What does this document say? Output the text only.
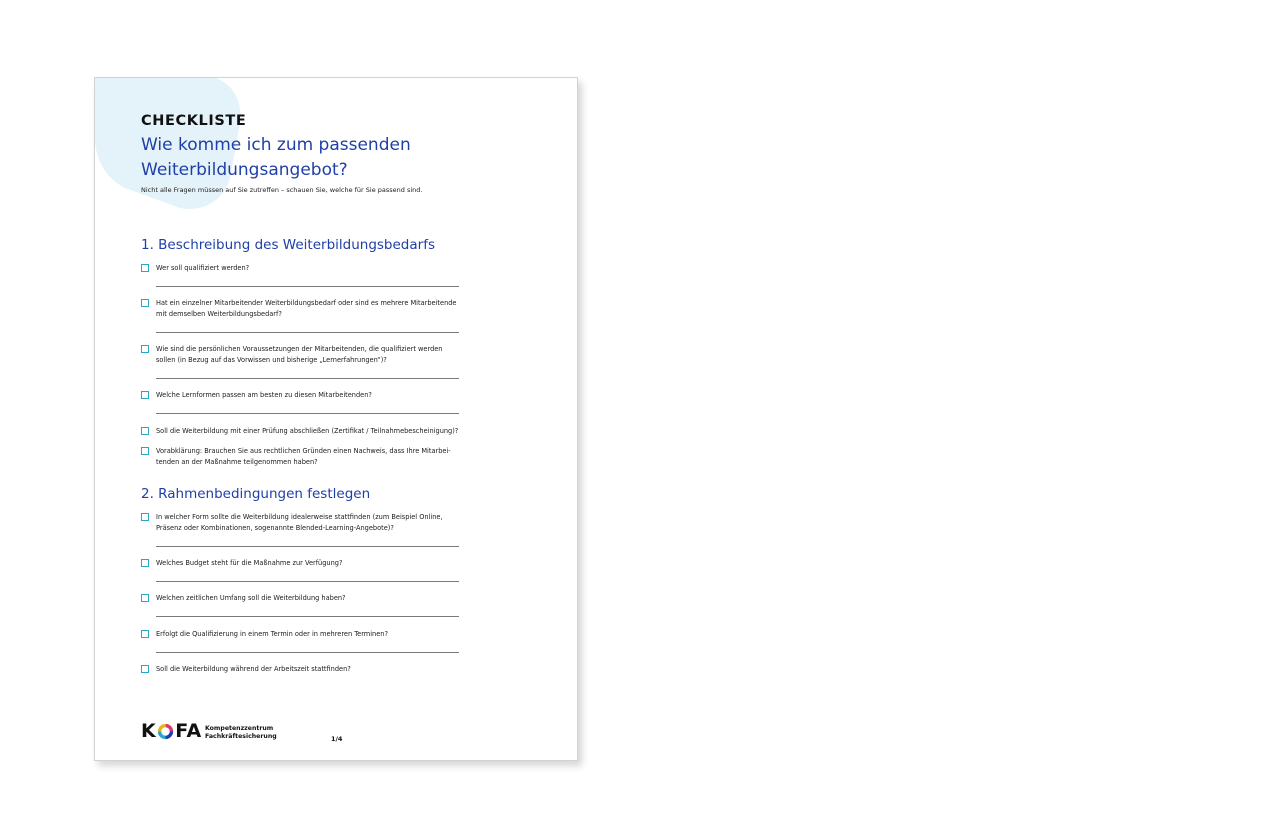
CHECKLISTE

Wie komme ich zum passenden Weiterbildungsangebot?

Nicht alle Fragen müssen auf Sie zutreffen – schauen Sie, welche für Sie passend sind.

1. Beschreibung des Weiterbildungsbedarfs
Wer soll qualifiziert werden?
Hat ein einzelner Mitarbeitender Weiterbildungsbedarf oder sind es mehrere Mitarbeitende mit demselben Weiterbildungsbedarf?
Wie sind die persönlichen Voraussetzungen der Mitarbeitenden, die qualifiziert werden sollen (in Bezug auf das Vorwissen und bisherige „Lernerfahrungen“)?
Welche Lernformen passen am besten zu diesen Mitarbeitenden?
Soll die Weiterbildung mit einer Prüfung abschließen (Zertifikat / Teilnahmebescheinigung)?
Vorabklärung: Brauchen Sie aus rechtlichen Gründen einen Nachweis, dass Ihre Mitarbei- tenden an der Maßnahme teilgenommen haben?
2. Rahmenbedingungen festlegen
In welcher Form sollte die Weiterbildung idealerweise stattfinden (zum Beispiel Online, Präsenz oder Kombinationen, sogenannte Blended-Learning-Angebote)?
Welches Budget steht für die Maßnahme zur Verfügung?
Welchen zeitlichen Umfang soll die Weiterbildung haben?
Erfolgt die Qualifizierung in einem Termin oder in mehreren Terminen?
Soll die Weiterbildung während der Arbeitszeit stattfinden?
K FA Kompetenzzentrum
Fachkräftesicherung	1/4
